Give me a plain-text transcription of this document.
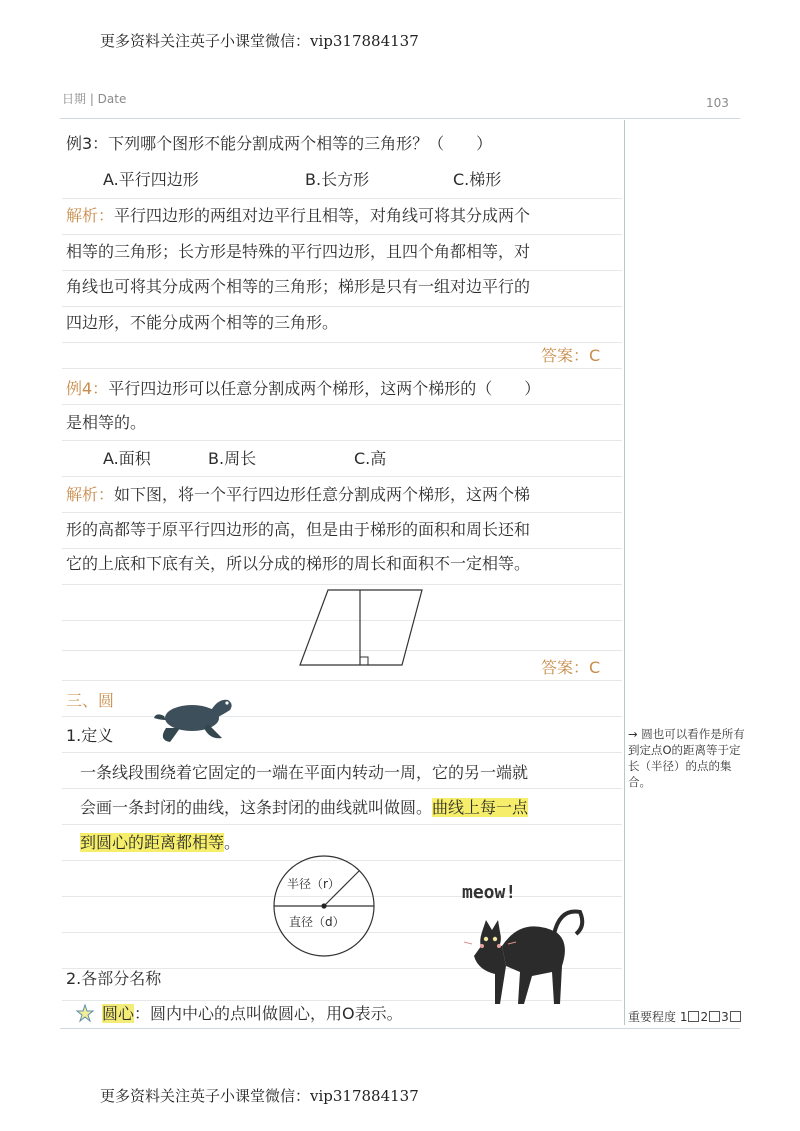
更多资料关注英子小课堂微信：vip317884137
日期 | Date	103
例3：下列哪个图形不能分割成两个相等的三角形？（　　）
A.平行四边形	B.长方形	C.梯形
解析：平行四边形的两组对边平行且相等，对角线可将其分成两个
相等的三角形；长方形是特殊的平行四边形，且四个角都相等，对
角线也可将其分成两个相等的三角形；梯形是只有一组对边平行的
四边形，不能分成两个相等的三角形。
答案：C
例4：平行四边形可以任意分割成两个梯形，这两个梯形的（　　）
是相等的。
A.面积	B.周长	C.高
解析：如下图，将一个平行四边形任意分割成两个梯形，这两个梯
形的高都等于原平行四边形的高，但是由于梯形的面积和周长还和
它的上底和下底有关，所以分成的梯形的周长和面积不一定相等。
答案：C
三、圆
1.定义
一条线段围绕着它固定的一端在平面内转动一周，它的另一端就
会画一条封闭的曲线，这条封闭的曲线就叫做圆。曲线上每一点
到圆心的距离都相等。
半径（r）
直径（d）
meow!
2.各部分名称
圆心：圆内中心的点叫做圆心，用O表示。
→ 圆也可以看作是所有到定点O的距离等于定长（半径）的点的集合。
重要程度 1 2 3
更多资料关注英子小课堂微信：vip317884137
